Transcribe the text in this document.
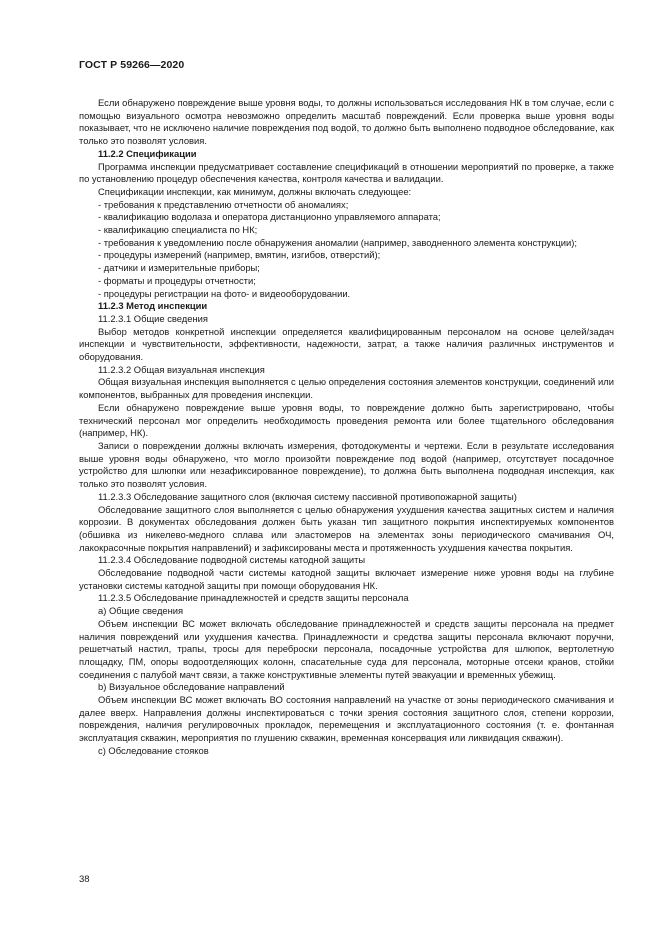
ГОСТ Р 59266—2020

Если обнаружено повреждение выше уровня воды, то должны использоваться исследования НК в том случае, если с помощью визуального осмотра невозможно определить масштаб повреждений. Если проверка выше уровня воды показывает, что не исключено наличие повреждения под водой, то должно быть выполнено подводное обследование, как только это позволят условия.

11.2.2 Спецификации

Программа инспекции предусматривает составление спецификаций в отношении мероприятий по проверке, а также по установлению процедур обеспечения качества, контроля качества и валидации.

Спецификации инспекции, как минимум, должны включать следующее:

- требования к представлению отчетности об аномалиях;

- квалификацию водолаза и оператора дистанционно управляемого аппарата;

- квалификацию специалиста по НК;

- требования к уведомлению после обнаружения аномалии (например, заводненного элемента конструкции);

- процедуры измерений (например, вмятин, изгибов, отверстий);

- датчики и измерительные приборы;

- форматы и процедуры отчетности;

- процедуры регистрации на фото- и видеооборудовании.

11.2.3 Метод инспекции

11.2.3.1 Общие сведения

Выбор методов конкретной инспекции определяется квалифицированным персоналом на основе целей/задач инспекции и чувствительности, эффективности, надежности, затрат, а также наличия различных инструментов и оборудования.

11.2.3.2 Общая визуальная инспекция

Общая визуальная инспекция выполняется с целью определения состояния элементов конструкции, соединений или компонентов, выбранных для проведения инспекции.

Если обнаружено повреждение выше уровня воды, то повреждение должно быть зарегистрировано, чтобы технический персонал мог определить необходимость проведения ремонта или более тщательного обследования (например, НК).

Записи о повреждении должны включать измерения, фотодокументы и чертежи. Если в результате исследования выше уровня воды обнаружено, что могло произойти повреждение под водой (например, отсутствует посадочное устройство для шлюпки или незафиксированное повреждение), то должна быть выполнена подводная инспекция, как только это позволят условия.

11.2.3.3 Обследование защитного слоя (включая систему пассивной противопожарной защиты)

Обследование защитного слоя выполняется с целью обнаружения ухудшения качества защитных систем и наличия коррозии. В документах обследования должен быть указан тип защитного покрытия инспектируемых компонентов (обшивка из никелево-медного сплава или эластомеров на элементах зоны периодического смачивания ОЧ, лакокрасочные покрытия направлений) и зафиксированы места и протяженность ухудшения качества покрытия.

11.2.3.4 Обследование подводной системы катодной защиты

Обследование подводной части системы катодной защиты включает измерение ниже уровня воды на глубине установки системы катодной защиты при помощи оборудования НК.

11.2.3.5 Обследование принадлежностей и средств защиты персонала

a) Общие сведения

Объем инспекции ВС может включать обследование принадлежностей и средств защиты персонала на предмет наличия повреждений или ухудшения качества. Принадлежности и средства защиты персонала включают поручни, решетчатый настил, трапы, тросы для переброски персонала, посадочные устройства для шлюпок, вертолетную площадку, ПМ, опоры водоотделяющих колонн, спасательные суда для персонала, моторные отсеки кранов, стойки соединения с палубой мачт связи, а также конструктивные элементы путей эвакуации и временных убежищ.

b) Визуальное обследование направлений

Объем инспекции ВС может включать ВО состояния направлений на участке от зоны периодического смачивания и далее вверх. Направления должны инспектироваться с точки зрения состояния защитного слоя, степени коррозии, повреждения, наличия регулировочных прокладок, перемещения и эксплуатационного состояния (т. е. фонтанная эксплуатация скважин, мероприятия по глушению скважин, временная консервация или ликвидация скважин).

c) Обследование стояков

38
